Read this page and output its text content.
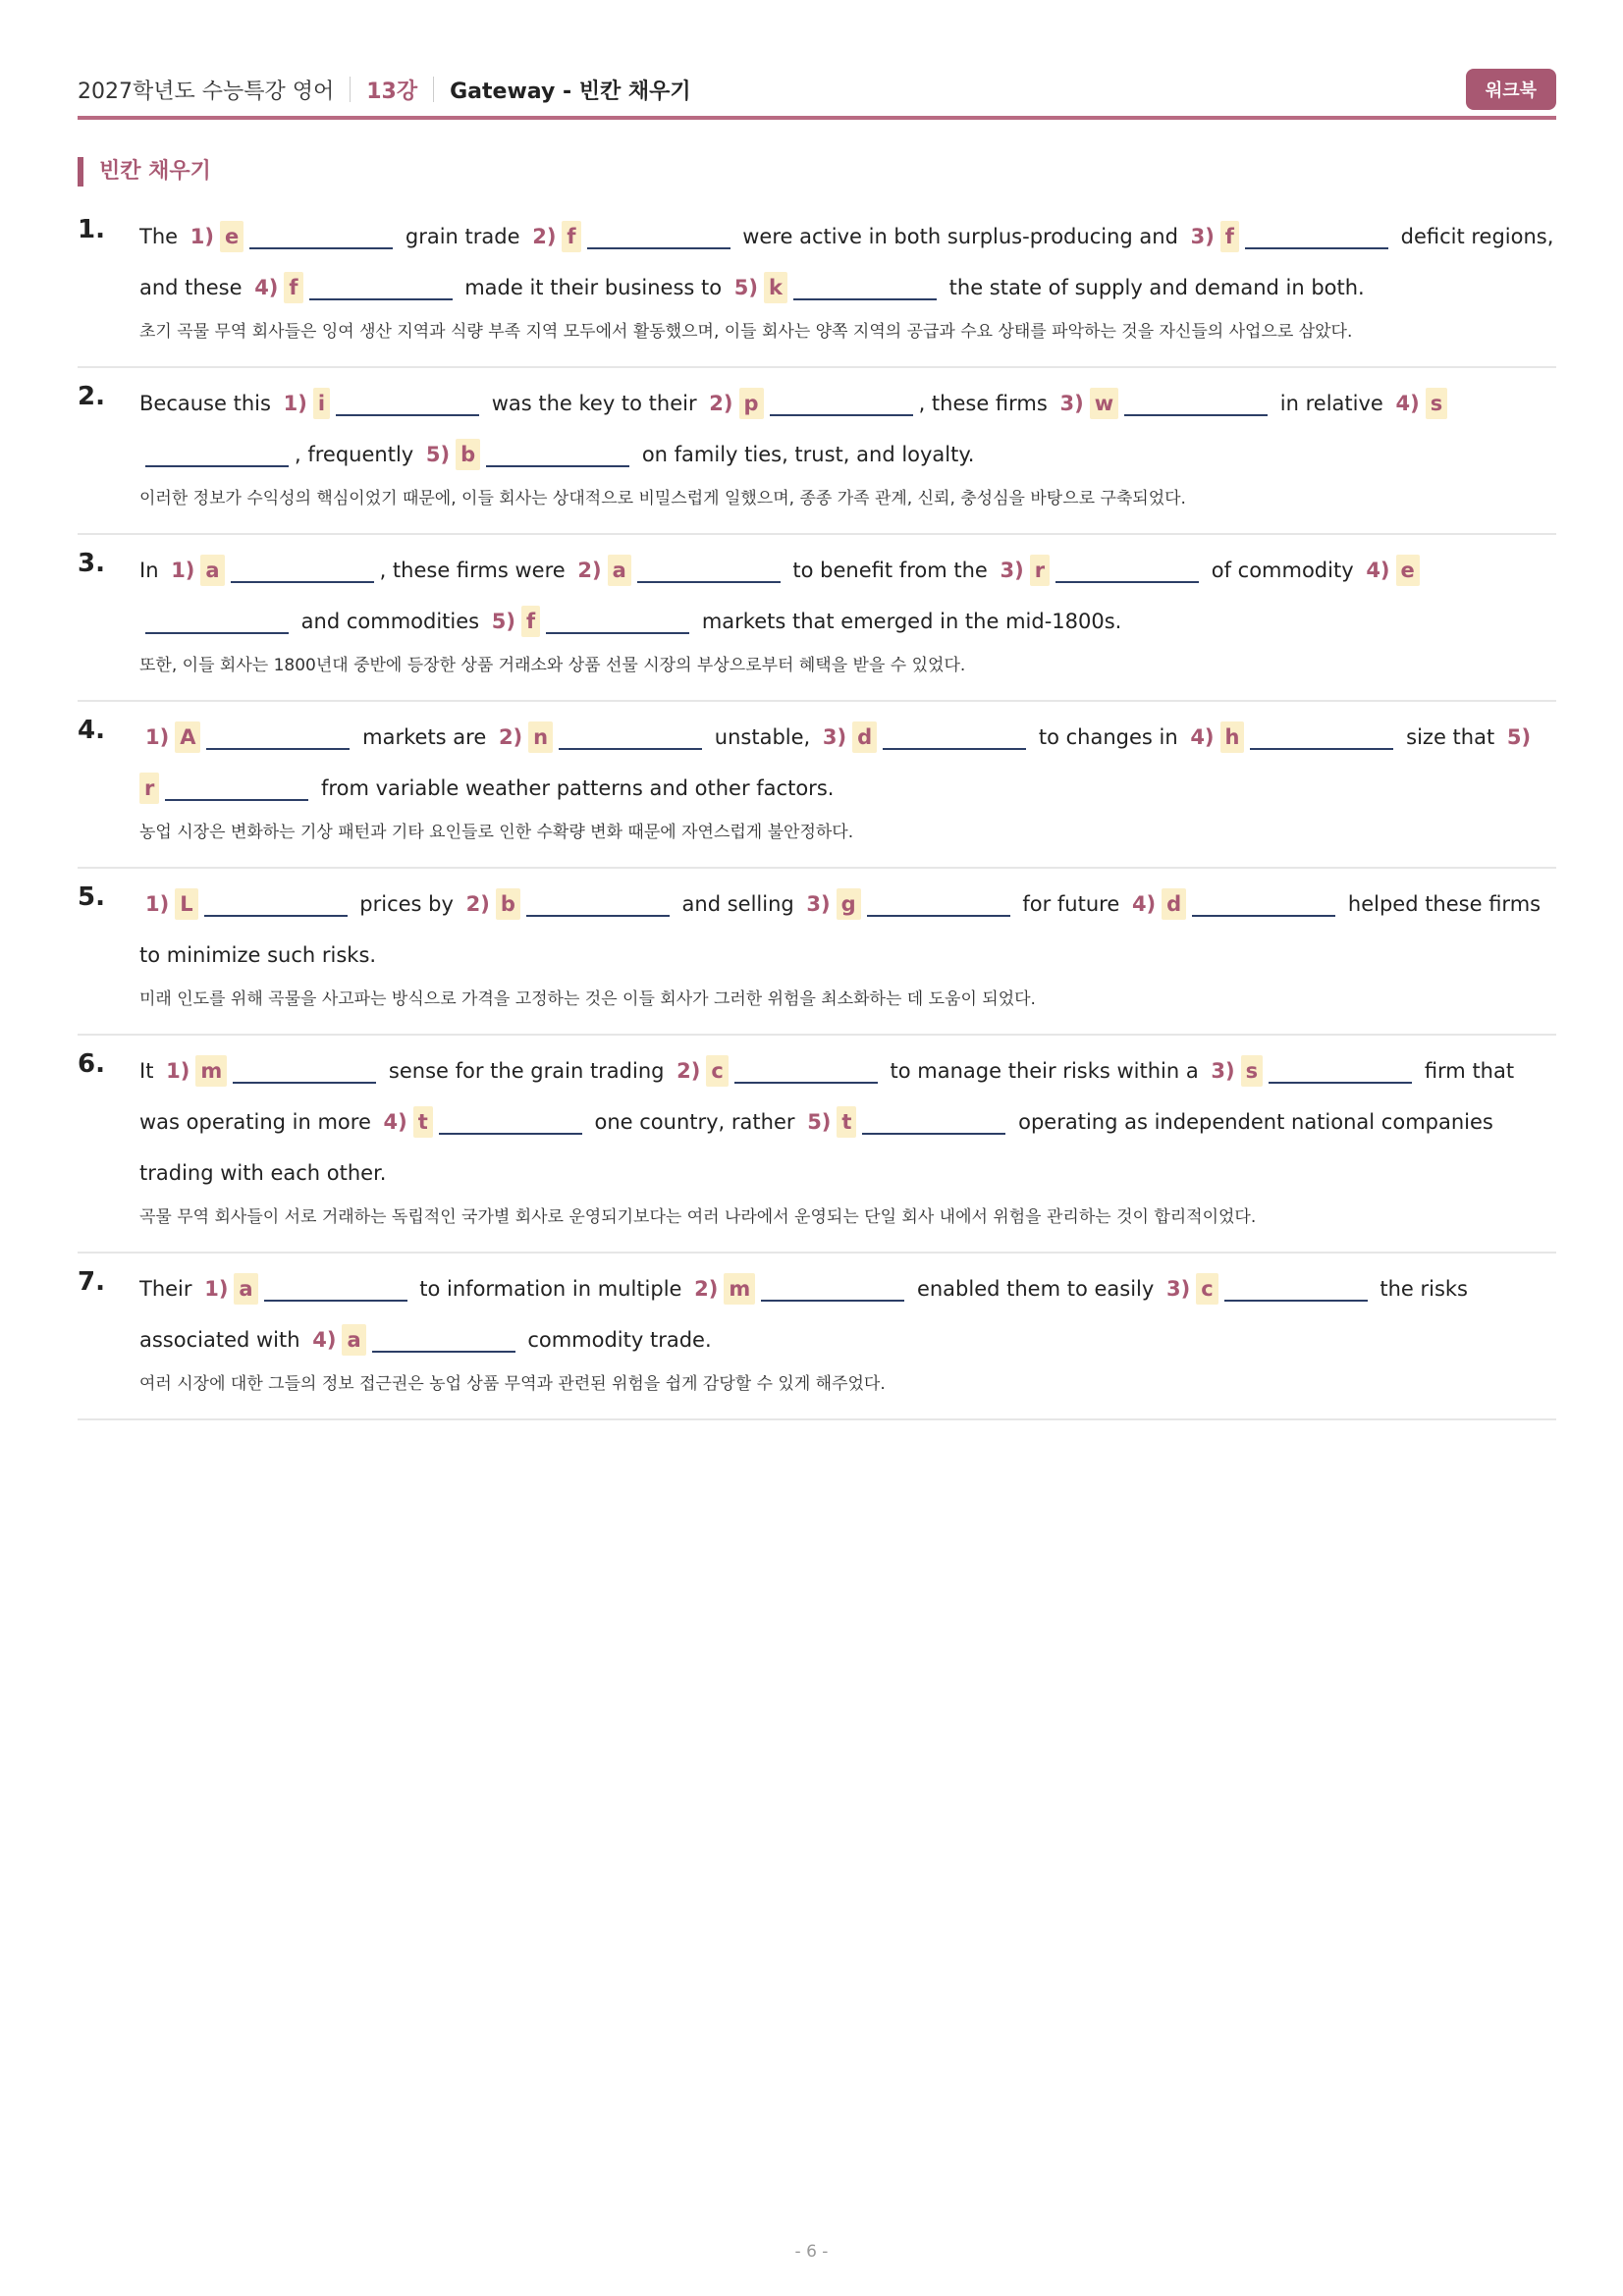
2027학년도 수능특강 영어 13강 Gateway - 빈칸 채우기	워크북
빈칸 채우기
1. The 1) e	grain trade 2) f	were active in both surplus-producing and 3) f	deficit regions, and these 4) f	made it their business to 5) k	the state of supply and demand in both.
초기 곡물 무역 회사들은 잉여 생산 지역과 식량 부족 지역 모두에서 활동했으며, 이들 회사는 양쪽 지역의 공급과 수요 상태를 파악하는 것을 자신들의 사업으로 삼았다.
2. Because this 1) i	was the key to their 2) p	, these firms 3) w	in relative 4) s, frequently 5) b	on family ties, trust, and loyalty.
이러한 정보가 수익성의 핵심이었기 때문에, 이들 회사는 상대적으로 비밀스럽게 일했으며, 종종 가족 관계, 신뢰, 충성심을 바탕으로 구축되었다.
3. In 1) a	, these firms were 2) a	to benefit from the 3) r	of commodity 4) e and commodities 5) f	markets that emerged in the mid-1800s.
또한, 이들 회사는 1800년대 중반에 등장한 상품 거래소와 상품 선물 시장의 부상으로부터 혜택을 받을 수 있었다.
4. 1) A	markets are 2) n	unstable, 3) d	to changes in 4) h	size that 5)r	from variable weather patterns and other factors.
농업 시장은 변화하는 기상 패턴과 기타 요인들로 인한 수확량 변화 때문에 자연스럽게 불안정하다.
5. 1) L	prices by 2) b	and selling 3) g	for future 4) d	helped these firms to minimize such risks.
미래 인도를 위해 곡물을 사고파는 방식으로 가격을 고정하는 것은 이들 회사가 그러한 위험을 최소화하는 데 도움이 되었다.
6. It 1) m	sense for the grain trading 2) c	to manage their risks within a 3) s	firm that was operating in more 4) t	one country, rather 5) t	operating as independent national companies trading with each other.
곡물 무역 회사들이 서로 거래하는 독립적인 국가별 회사로 운영되기보다는 여러 나라에서 운영되는 단일 회사 내에서 위험을 관리하는 것이 합리적이었다.
7. Their 1) a	to information in multiple 2) m	enabled them to easily 3) c	the risks associated with 4) a	commodity trade.
여러 시장에 대한 그들의 정보 접근권은 농업 상품 무역과 관련된 위험을 쉽게 감당할 수 있게 해주었다.
- 6 -
